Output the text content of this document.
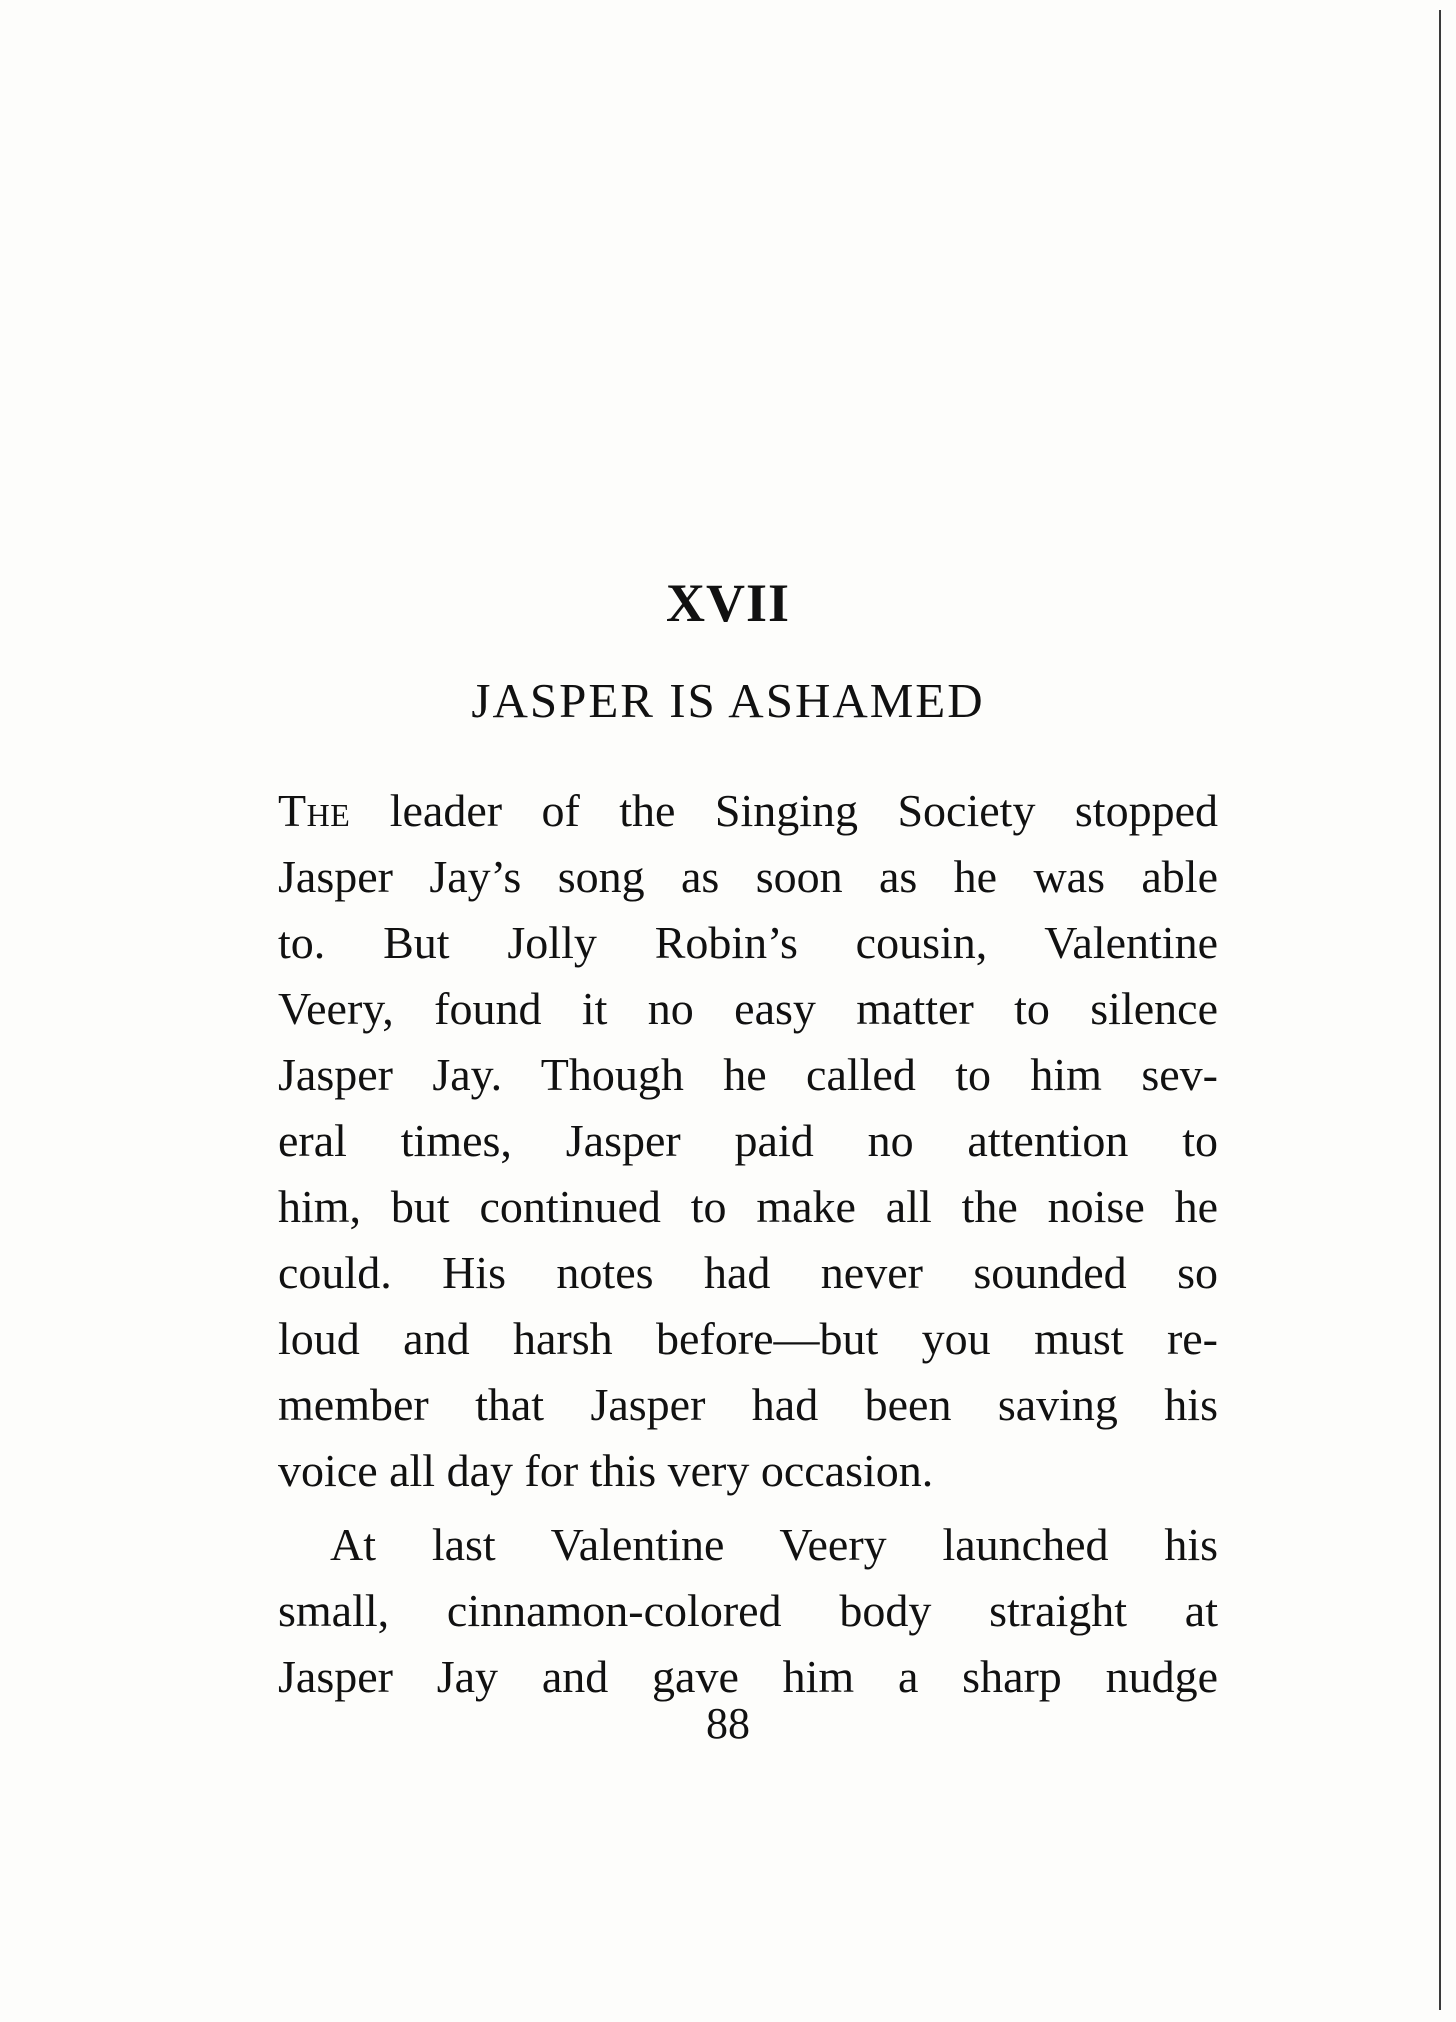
XVII
JASPER IS ASHAMED
The leader of the Singing Society stopped
Jasper Jay’s song as soon as he was able
to. But Jolly Robin’s cousin, Valentine
Veery, found it no easy matter to silence
Jasper Jay. Though he called to him sev-
eral times, Jasper paid no attention to
him, but continued to make all the noise he
could. His notes had never sounded so
loud and harsh before—but you must re-
member that Jasper had been saving his
voice all day for this very occasion.
At last Valentine Veery launched his
small, cinnamon-colored body straight at
Jasper Jay and gave him a sharp nudge
88
